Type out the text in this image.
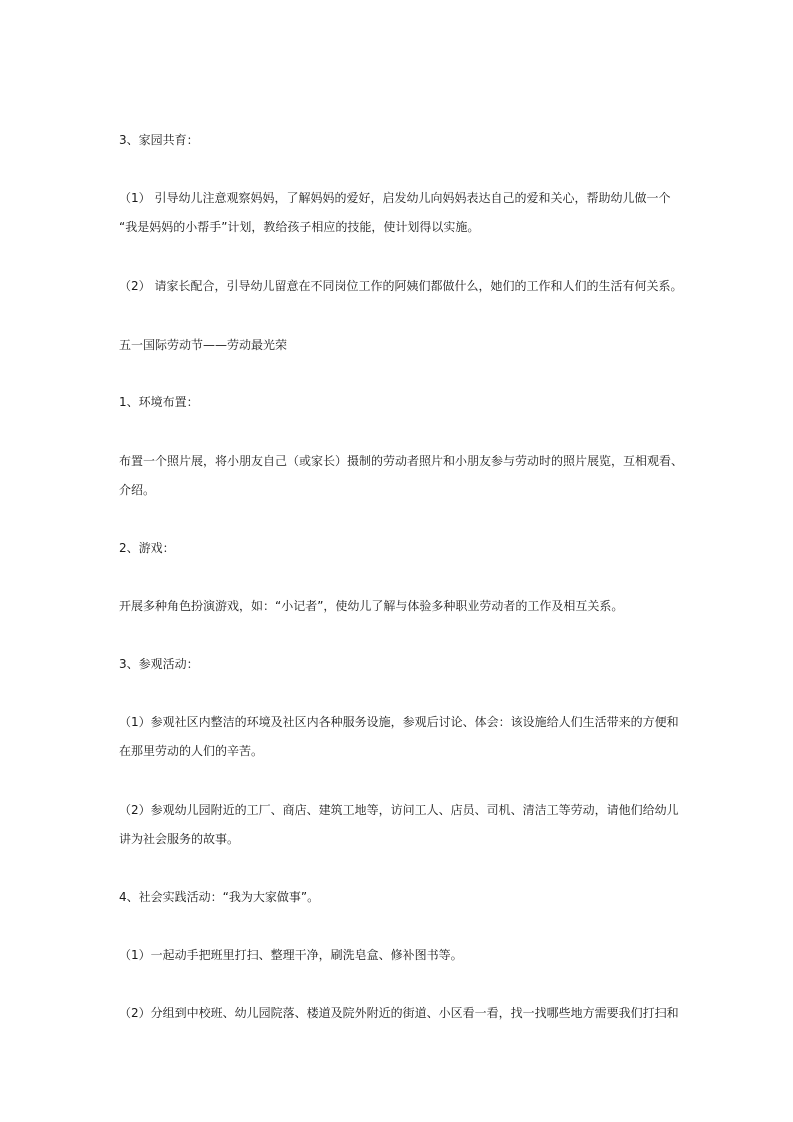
3、家园共育：

（1） 引导幼儿注意观察妈妈，了解妈妈的爱好，启发幼儿向妈妈表达自己的爱和关心，帮助幼儿做一个
“我是妈妈的小帮手”计划，教给孩子相应的技能，使计划得以实施。

（2） 请家长配合，引导幼儿留意在不同岗位工作的阿姨们都做什么，她们的工作和人们的生活有何关系。

五一国际劳动节——劳动最光荣

1、环境布置：

布置一个照片展，将小朋友自己（或家长）摄制的劳动者照片和小朋友参与劳动时的照片展览，互相观看、
介绍。

2、游戏：

开展多种角色扮演游戏，如：“小记者”，使幼儿了解与体验多种职业劳动者的工作及相互关系。

3、参观活动：

（1）参观社区内整洁的环境及社区内各种服务设施，参观后讨论、体会：该设施给人们生活带来的方便和
在那里劳动的人们的辛苦。

（2）参观幼儿园附近的工厂、商店、建筑工地等，访问工人、店员、司机、清洁工等劳动，请他们给幼儿
讲为社会服务的故事。

4、社会实践活动：“我为大家做事”。

（1）一起动手把班里打扫、整理干净，刷洗皂盒、修补图书等。

（2）分组到中校班、幼儿园院落、楼道及院外附近的街道、小区看一看，找一找哪些地方需要我们打扫和
